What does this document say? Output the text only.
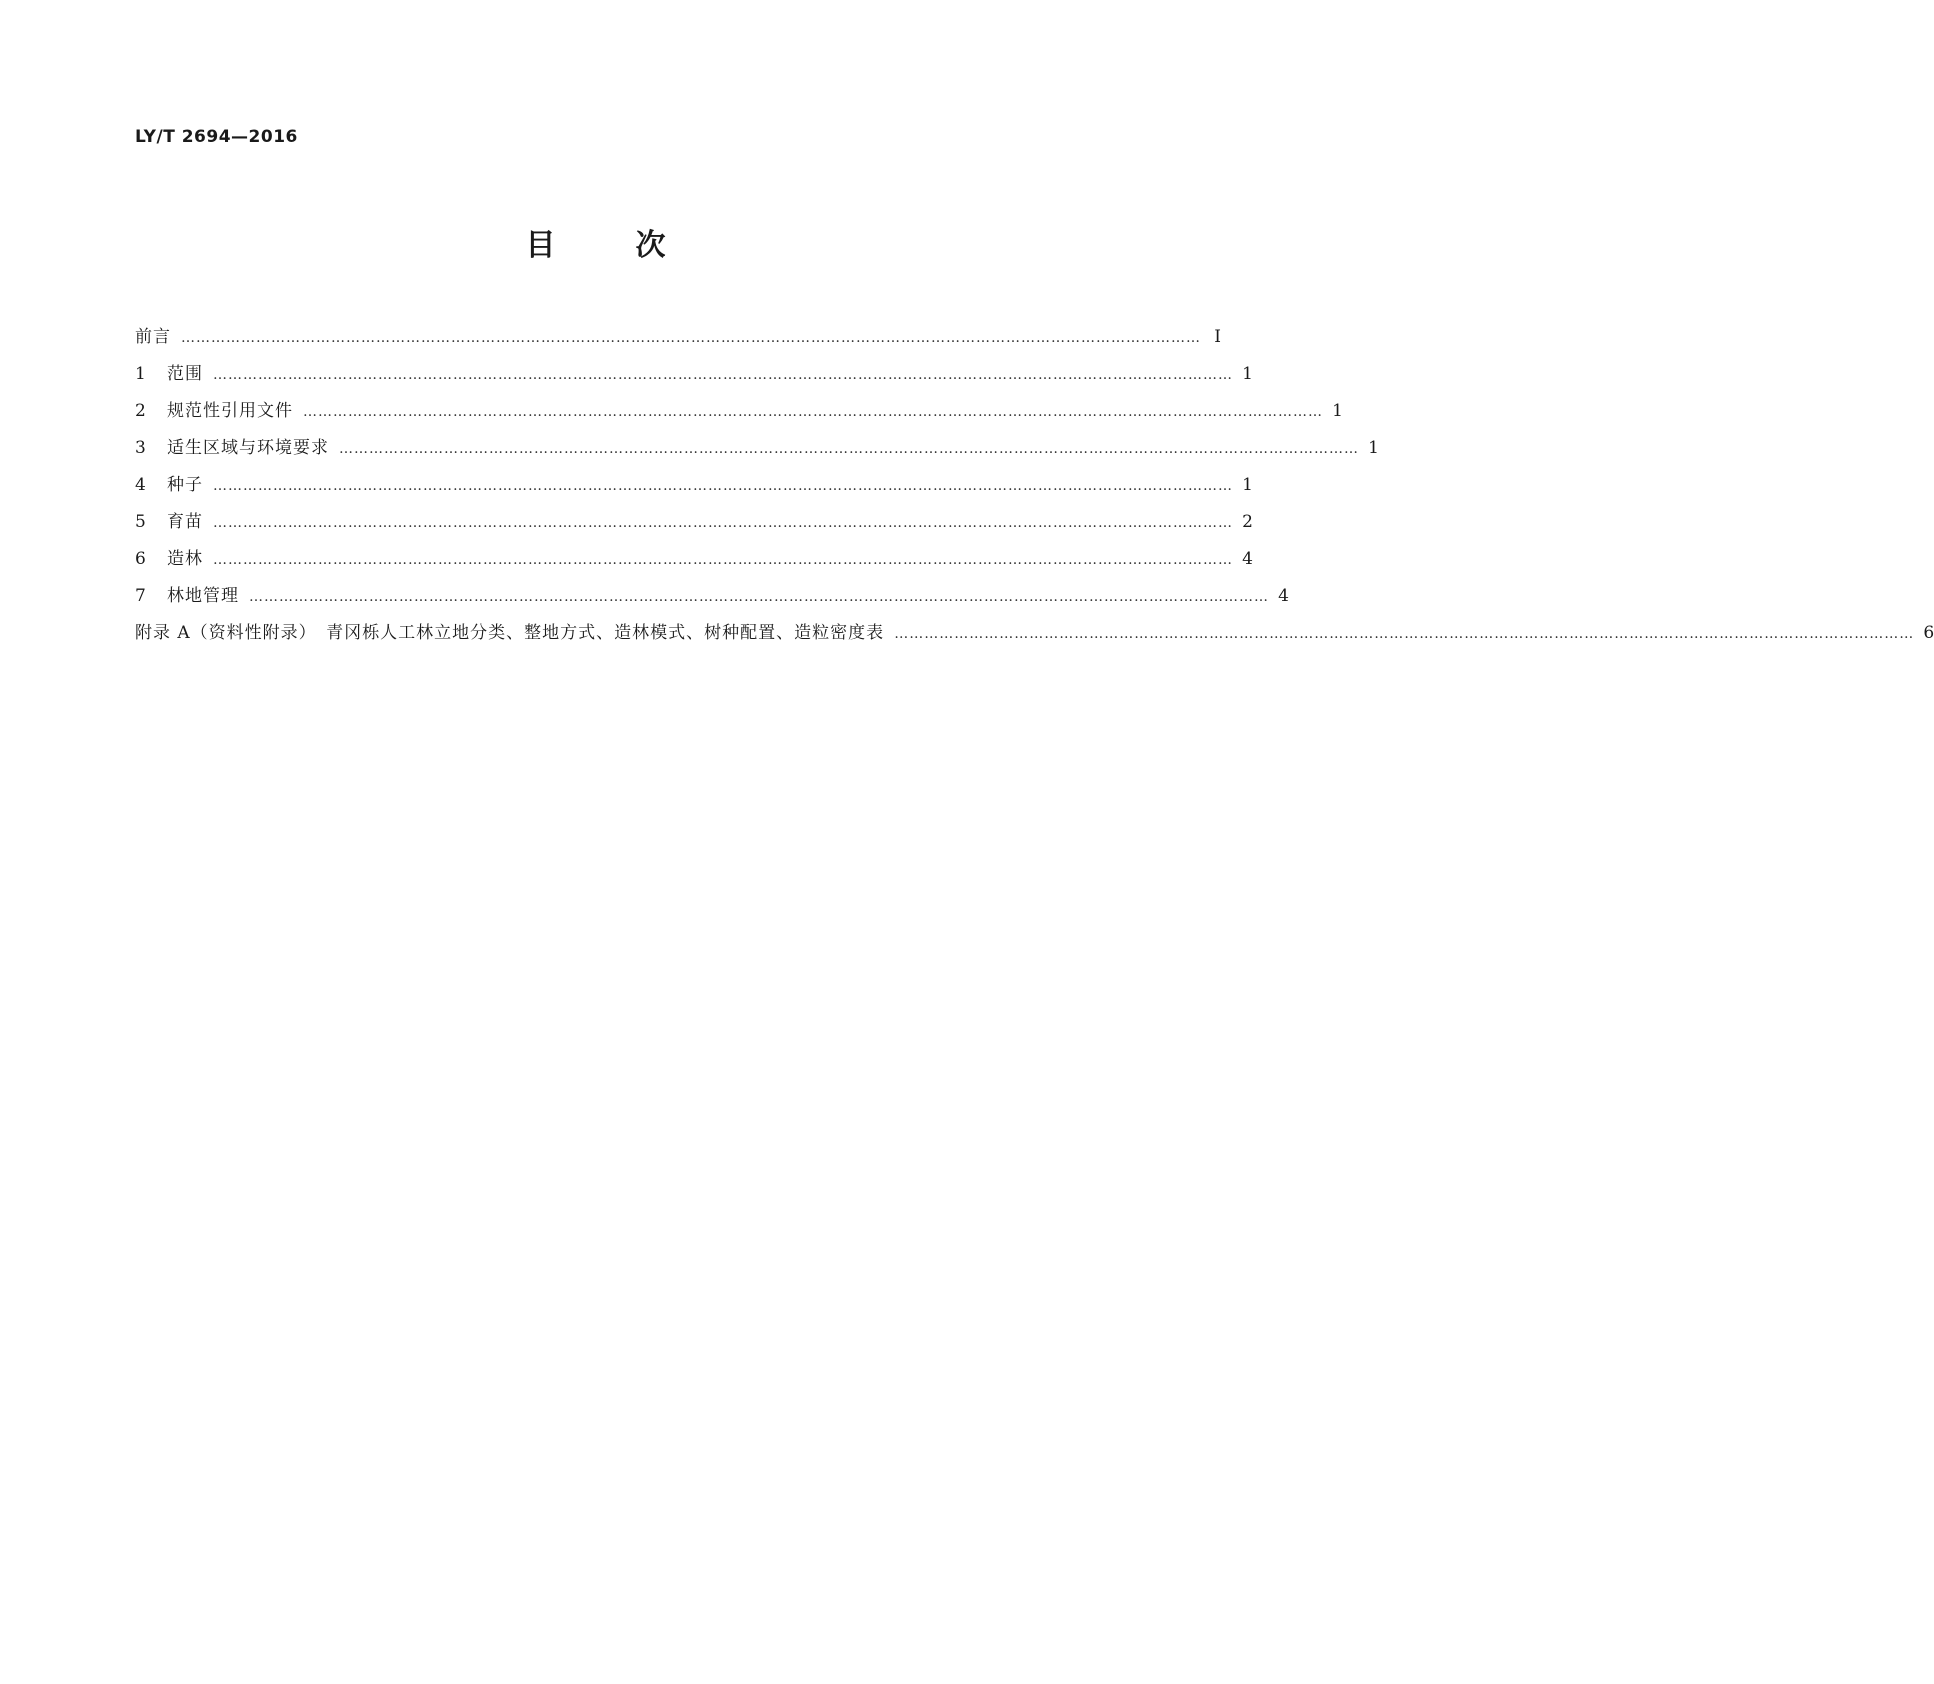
LY/T 2694—2016
目	次
前言 …………………………………………………………………………………………………………………………………………………………………………………… Ⅰ
1	范围 …………………………………………………………………………………………………………………………………………………………………………………… 1
2	规范性引用文件 …………………………………………………………………………………………………………………………………………………………………………………… 1
3	适生区域与环境要求 …………………………………………………………………………………………………………………………………………………………………………………… 1
4	种子 …………………………………………………………………………………………………………………………………………………………………………………… 1
5	育苗 …………………………………………………………………………………………………………………………………………………………………………………… 2
6	造林 …………………………………………………………………………………………………………………………………………………………………………………… 4
7	林地管理 …………………………………………………………………………………………………………………………………………………………………………………… 4
附录 A（资料性附录）　青冈栎人工林立地分类、整地方式、造林模式、树种配置、造粒密度表 …………………………………………………………………………………………………………………………………………………………………………………… 6
